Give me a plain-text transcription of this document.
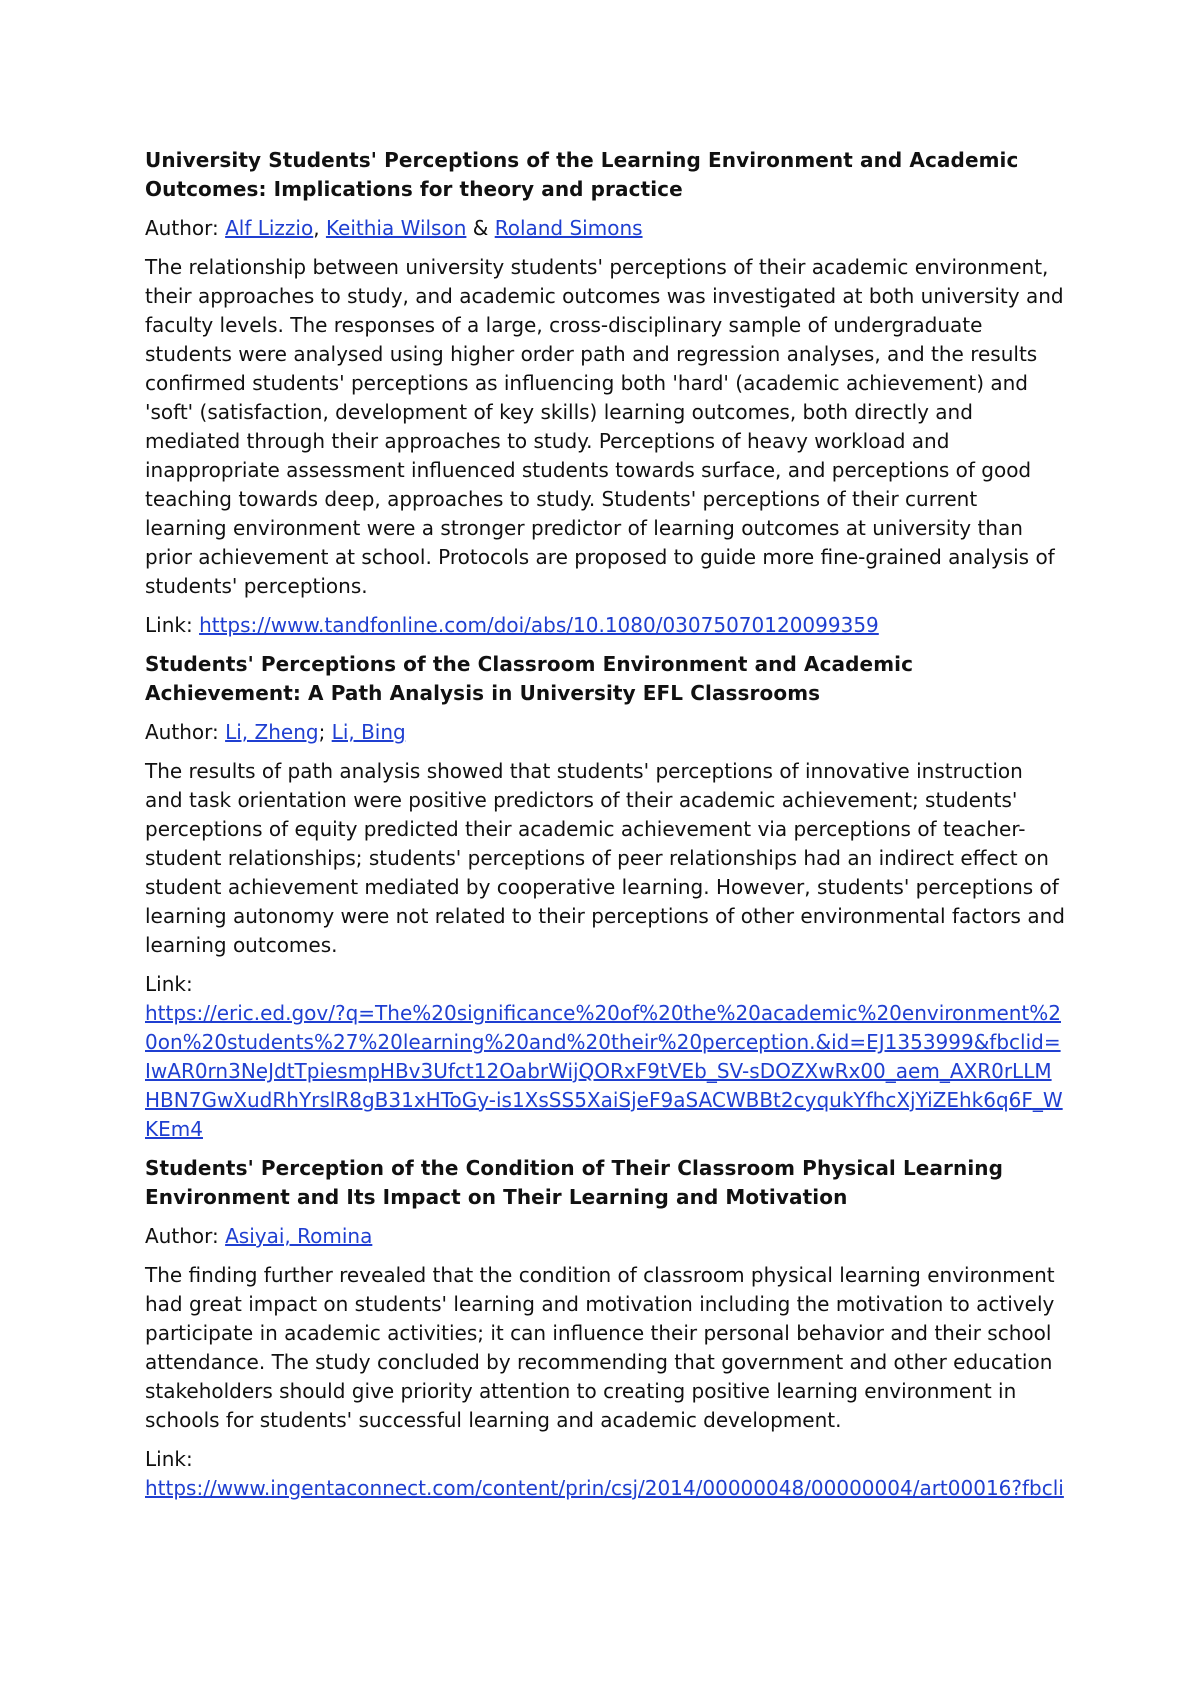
University Students' Perceptions of the Learning Environment and Academic Outcomes: Implications for theory and practice

Author: Alf Lizzio, Keithia Wilson & Roland Simons

The relationship between university students' perceptions of their academic environment, their approaches to study, and academic outcomes was investigated at both university and faculty levels. The responses of a large, cross-disciplinary sample of undergraduate students were analysed using higher order path and regression analyses, and the results confirmed students' perceptions as influencing both 'hard' (academic achievement) and 'soft' (satisfaction, development of key skills) learning outcomes, both directly and mediated through their approaches to study. Perceptions of heavy workload and inappropriate assessment influenced students towards surface, and perceptions of good teaching towards deep, approaches to study. Students' perceptions of their current learning environment were a stronger predictor of learning outcomes at university than prior achievement at school. Protocols are proposed to guide more fine-grained analysis of students' perceptions.

Link: https://www.tandfonline.com/doi/abs/10.1080/03075070120099359

Students' Perceptions of the Classroom Environment and Academic Achievement: A Path Analysis in University EFL Classrooms

Author: Li, Zheng; Li, Bing

The results of path analysis showed that students' perceptions of innovative instruction and task orientation were positive predictors of their academic achievement; students' perceptions of equity predicted their academic achievement via perceptions of teacher-student relationships; students' perceptions of peer relationships had an indirect effect on student achievement mediated by cooperative learning. However, students' perceptions of learning autonomy were not related to their perceptions of other environmental factors and learning outcomes.

Link:
https://eric.ed.gov/?q=The%20significance%20of%20the%20academic%20environment%20on%20students%27%20learning%20and%20their%20perception.&id=EJ1353999&fbclid=IwAR0rn3NeJdtTpiesmpHBv3Ufct12OabrWijQORxF9tVEb_SV-sDOZXwRx00_aem_AXR0rLLMHBN7GwXudRhYrslR8gB31xHToGy-is1XsSS5XaiSjeF9aSACWBBt2cyqukYfhcXjYiZEhk6q6F_WKEm4

Students' Perception of the Condition of Their Classroom Physical Learning Environment and Its Impact on Their Learning and Motivation

Author: Asiyai, Romina

The finding further revealed that the condition of classroom physical learning environment had great impact on students' learning and motivation including the motivation to actively participate in academic activities; it can influence their personal behavior and their school attendance. The study concluded by recommending that government and other education stakeholders should give priority attention to creating positive learning environment in schools for students' successful learning and academic development.

Link:
https://www.ingentaconnect.com/content/prin/csj/2014/00000048/00000004/art00016?fbcli
